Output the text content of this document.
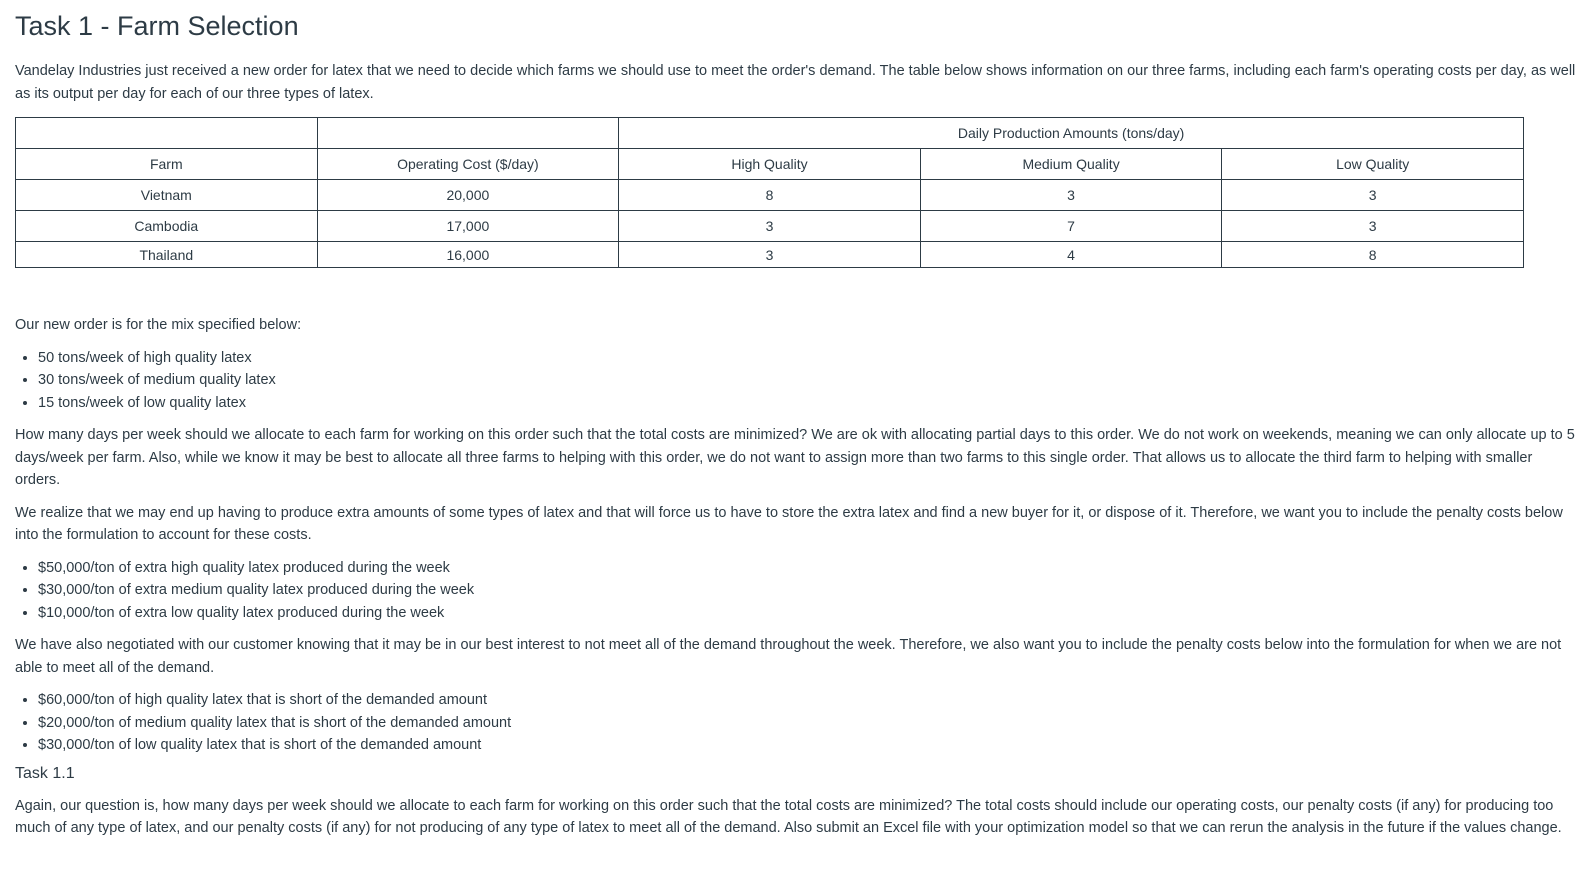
Task 1 - Farm Selection

Vandelay Industries just received a new order for latex that we need to decide which farms we should use to meet the order's demand. The table below shows information on our three farms, including each farm's operating costs per day, as well as its output per day for each of our three types of latex.

		Daily Production Amounts (tons/day)		
Farm	Operating Cost ($/day)	High Quality	Medium Quality	Low Quality
Vietnam	20,000	8	3	3
Cambodia	17,000	3	7	3
Thailand	16,000	3	4	8

Our new order is for the mix specified below:

• 50 tons/week of high quality latex
• 30 tons/week of medium quality latex
• 15 tons/week of low quality latex

How many days per week should we allocate to each farm for working on this order such that the total costs are minimized? We are ok with allocating partial days to this order. We do not work on weekends, meaning we can only allocate up to 5 days/week per farm. Also, while we know it may be best to allocate all three farms to helping with this order, we do not want to assign more than two farms to this single order. That allows us to allocate the third farm to helping with smaller orders.

We realize that we may end up having to produce extra amounts of some types of latex and that will force us to have to store the extra latex and find a new buyer for it, or dispose of it. Therefore, we want you to include the penalty costs below into the formulation to account for these costs.

• $50,000/ton of extra high quality latex produced during the week
• $30,000/ton of extra medium quality latex produced during the week
• $10,000/ton of extra low quality latex produced during the week

We have also negotiated with our customer knowing that it may be in our best interest to not meet all of the demand throughout the week. Therefore, we also want you to include the penalty costs below into the formulation for when we are not able to meet all of the demand.

• $60,000/ton of high quality latex that is short of the demanded amount
• $20,000/ton of medium quality latex that is short of the demanded amount
• $30,000/ton of low quality latex that is short of the demanded amount
Task 1.1

Again, our question is, how many days per week should we allocate to each farm for working on this order such that the total costs are minimized? The total costs should include our operating costs, our penalty costs (if any) for producing too much of any type of latex, and our penalty costs (if any) for not producing of any type of latex to meet all of the demand. Also submit an Excel file with your optimization model so that we can rerun the analysis in the future if the values change.
